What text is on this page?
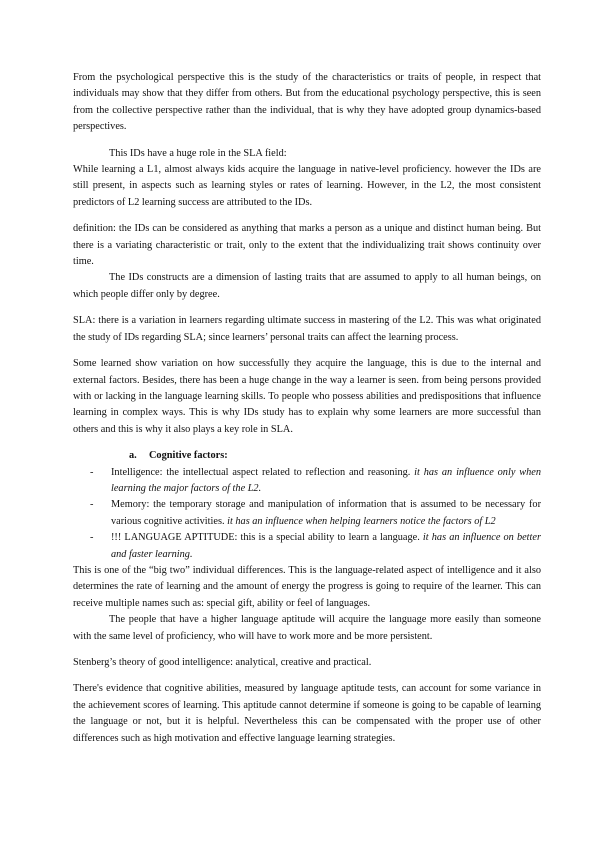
From the psychological perspective this is the study of the characteristics or traits of people, in respect that individuals may show that they differ from others. But from the educational psychology perspective, this is seen from the collective perspective rather than the individual, that is why they have adopted group dynamics-based perspectives.

This IDs have a huge role in the SLA field:

While learning a L1, almost always kids acquire the language in native-level proficiency. however the IDs are still present, in aspects such as learning styles or rates of learning. However, in the L2, the most consistent predictors of L2 learning success are attributed to the IDs.

definition: the IDs can be considered as anything that marks a person as a unique and distinct human being. But there is a variating characteristic or trait, only to the extent that the individualizing trait shows continuity over time.

The IDs constructs are a dimension of lasting traits that are assumed to apply to all human beings, on which people differ only by degree.

SLA: there is a variation in learners regarding ultimate success in mastering of the L2. This was what originated the study of IDs regarding SLA; since learners’ personal traits can affect the learning process.

Some learned show variation on how successfully they acquire the language, this is due to the internal and external factors. Besides, there has been a huge change in the way a learner is seen. from being persons provided with or lacking in the language learning skills. To people who possess abilities and predispositions that influence learning in complex ways. This is why IDs study has to explain why some learners are more successful than others and this is why it also plays a key role in SLA.

a. Cognitive factors:

- Intelligence: the intellectual aspect related to reflection and reasoning. it has an influence only when learning the major factors of the L2.
- Memory: the temporary storage and manipulation of information that is assumed to be necessary for various cognitive activities. it has an influence when helping learners notice the factors of L2
- !!! LANGUAGE APTITUDE: this is a special ability to learn a language. it has an influence on better and faster learning.

This is one of the “big two” individual differences. This is the language-related aspect of intelligence and it also determines the rate of learning and the amount of energy the progress is going to require of the learner. This can receive multiple names such as: special gift, ability or feel of languages.

The people that have a higher language aptitude will acquire the language more easily than someone with the same level of proficiency, who will have to work more and be more persistent.

Stenberg’s theory of good intelligence: analytical, creative and practical.

There's evidence that cognitive abilities, measured by language aptitude tests, can account for some variance in the achievement scores of learning. This aptitude cannot determine if someone is going to be capable of learning the language or not, but it is helpful. Nevertheless this can be compensated with the proper use of other differences such as high motivation and effective language learning strategies.
